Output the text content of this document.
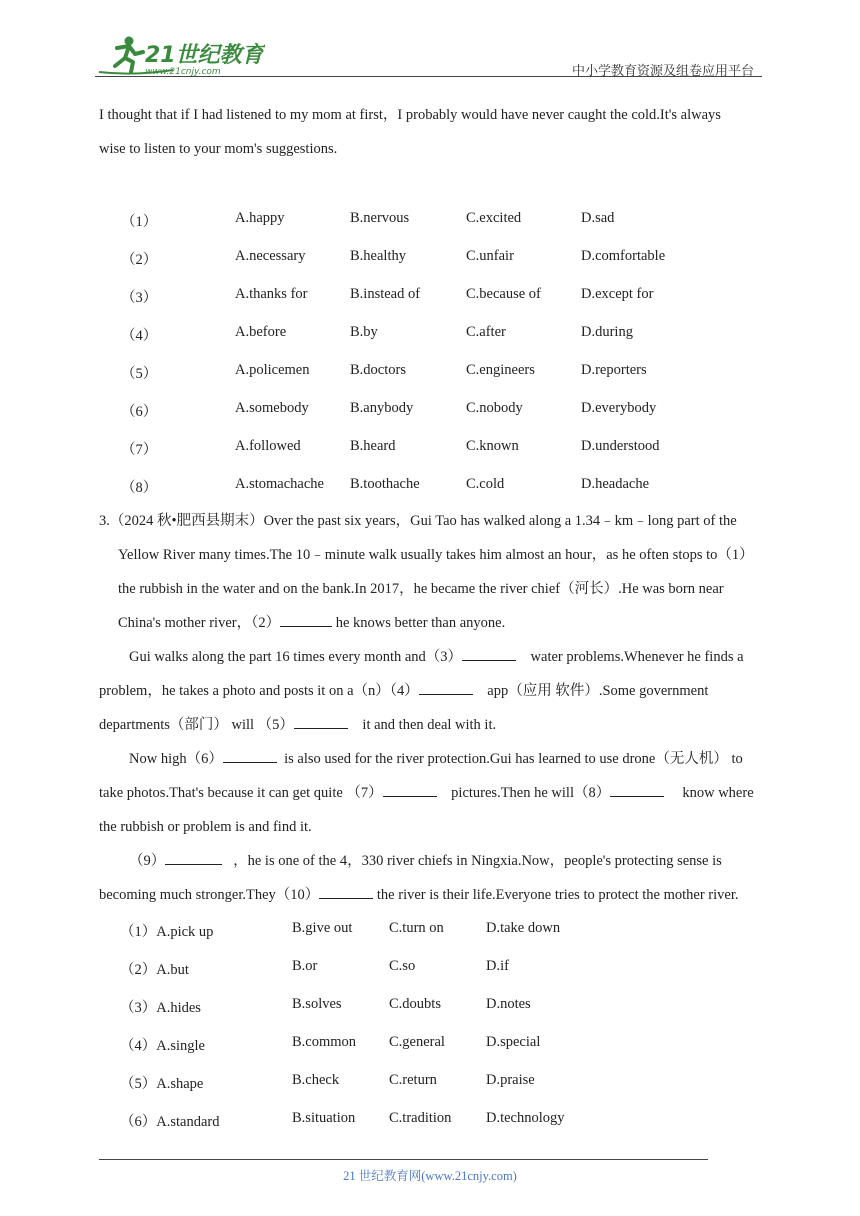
21世纪教育
www.21cnjy.com	中小学教育资源及组卷应用平台
I thought that if I had listened to my mom at first，I probably would have never caught the cold.It's always
wise to listen to your mom's suggestions.
（1）	A.happy	B.nervous	C.excited	D.sad
（2）	A.necessary	B.healthy	C.unfair	D.comfortable
（3）	A.thanks for	B.instead of	C.because of	D.except for
（4）	A.before	B.by	C.after	D.during
（5）	A.policemen	B.doctors	C.engineers	D.reporters
（6）	A.somebody	B.anybody	C.nobody	D.everybody
（7）	A.followed	B.heard	C.known	D.understood
（8）	A.stomachache B.toothache	C.cold	D.headache
3.（2024 秋•肥西县期末）Over the past six years，Gui Tao has walked along a 1.34﹣km﹣long part of the
Yellow River many times.The 10﹣minute walk usually takes him almost an hour，as he often stops to（1）
the rubbish in the water and on the bank.In 2017，he became the river chief（河长）.He was born near
China's mother river，（2）	he knows better than anyone.
Gui walks along the part 16 times every month and（3）	water problems.Whenever he finds a
problem，he takes a photo and posts it on a（n）（4）	app（应用 软件）.Some government
departments（部门） will （5）	it and then deal with it.
Now high（6）	is also used for the river protection.Gui has learned to use drone（无人机） to
take photos.That's because it can get quite （7）	pictures.Then he will（8）	know where
the rubbish or problem is and find it.
（9）	，he is one of the 4，330 river chiefs in Ningxia.Now，people's protecting sense is
becoming much stronger.They（10）	the river is their life.Everyone tries to protect the mother river.
（1）A.pick up	B.give out	C.turn on	D.take down
（2）A.but	B.or	C.so	D.if
（3）A.hides	B.solves	C.doubts	D.notes
（4）A.single	B.common C.general	D.special
（5）A.shape	B.check	C.return	D.praise
（6）A.standard	B.situation C.tradition D.technology
21 世纪教育网(www.21cnjy.com)
